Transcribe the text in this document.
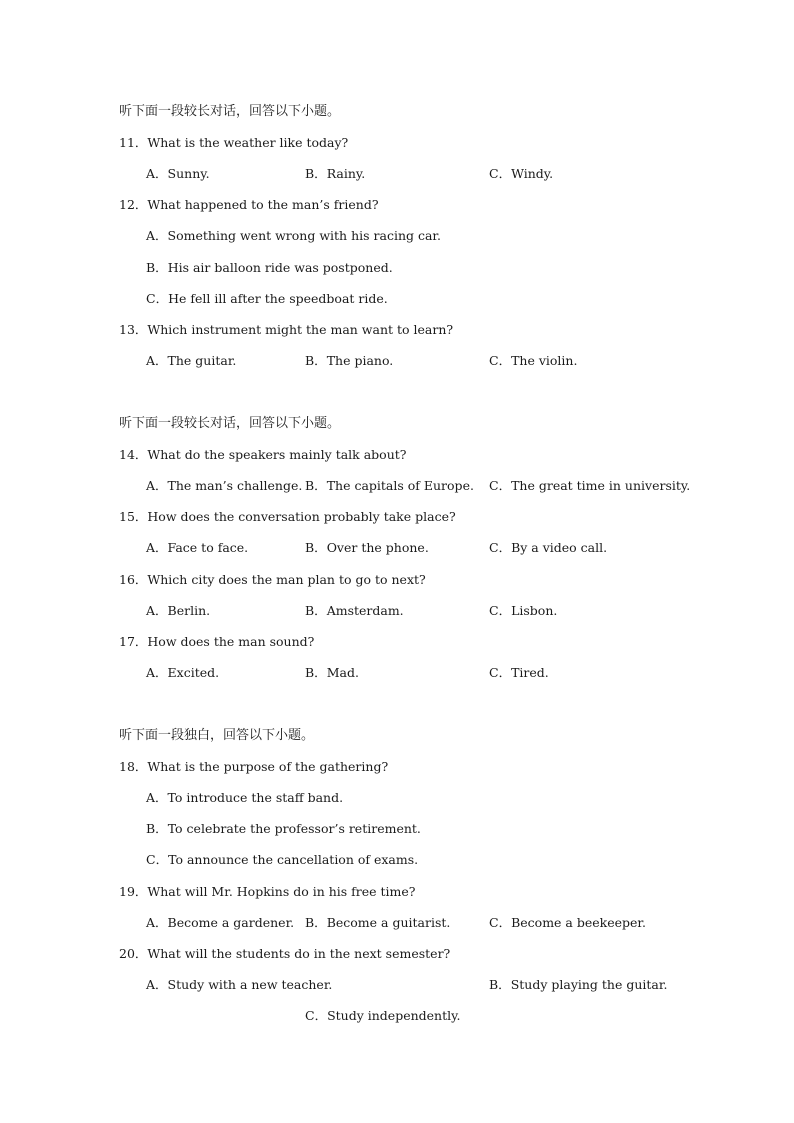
听下面一段较长对话，回答以下小题。
11．What is the weather like today?
A．Sunny.	B．Rainy.	C．Windy.
12．What happened to the man’s friend?
A．Something went wrong with his racing car.
B．His air balloon ride was postponed.
C．He fell ill after the speedboat ride.
13．Which instrument might the man want to learn?
A．The guitar.	B．The piano.	C．The violin.
听下面一段较长对话，回答以下小题。
14．What do the speakers mainly talk about?
A．The man’s challenge. B．The capitals of Europe. C．The great time in university.
15．How does the conversation probably take place?
A．Face to face.	B．Over the phone.	C．By a video call.
16．Which city does the man plan to go to next?
A．Berlin.	B．Amsterdam.	C．Lisbon.
17．How does the man sound?
A．Excited.	B．Mad.	C．Tired.
听下面一段独白，回答以下小题。
18．What is the purpose of the gathering?
A．To introduce the staff band.
B．To celebrate the professor’s retirement.
C．To announce the cancellation of exams.
19．What will Mr. Hopkins do in his free time?
A．Become a gardener. B．Become a guitarist.	C．Become a beekeeper.
20．What will the students do in the next semester?
A．Study with a new teacher.	B．Study playing the guitar.
C．Study independently.
